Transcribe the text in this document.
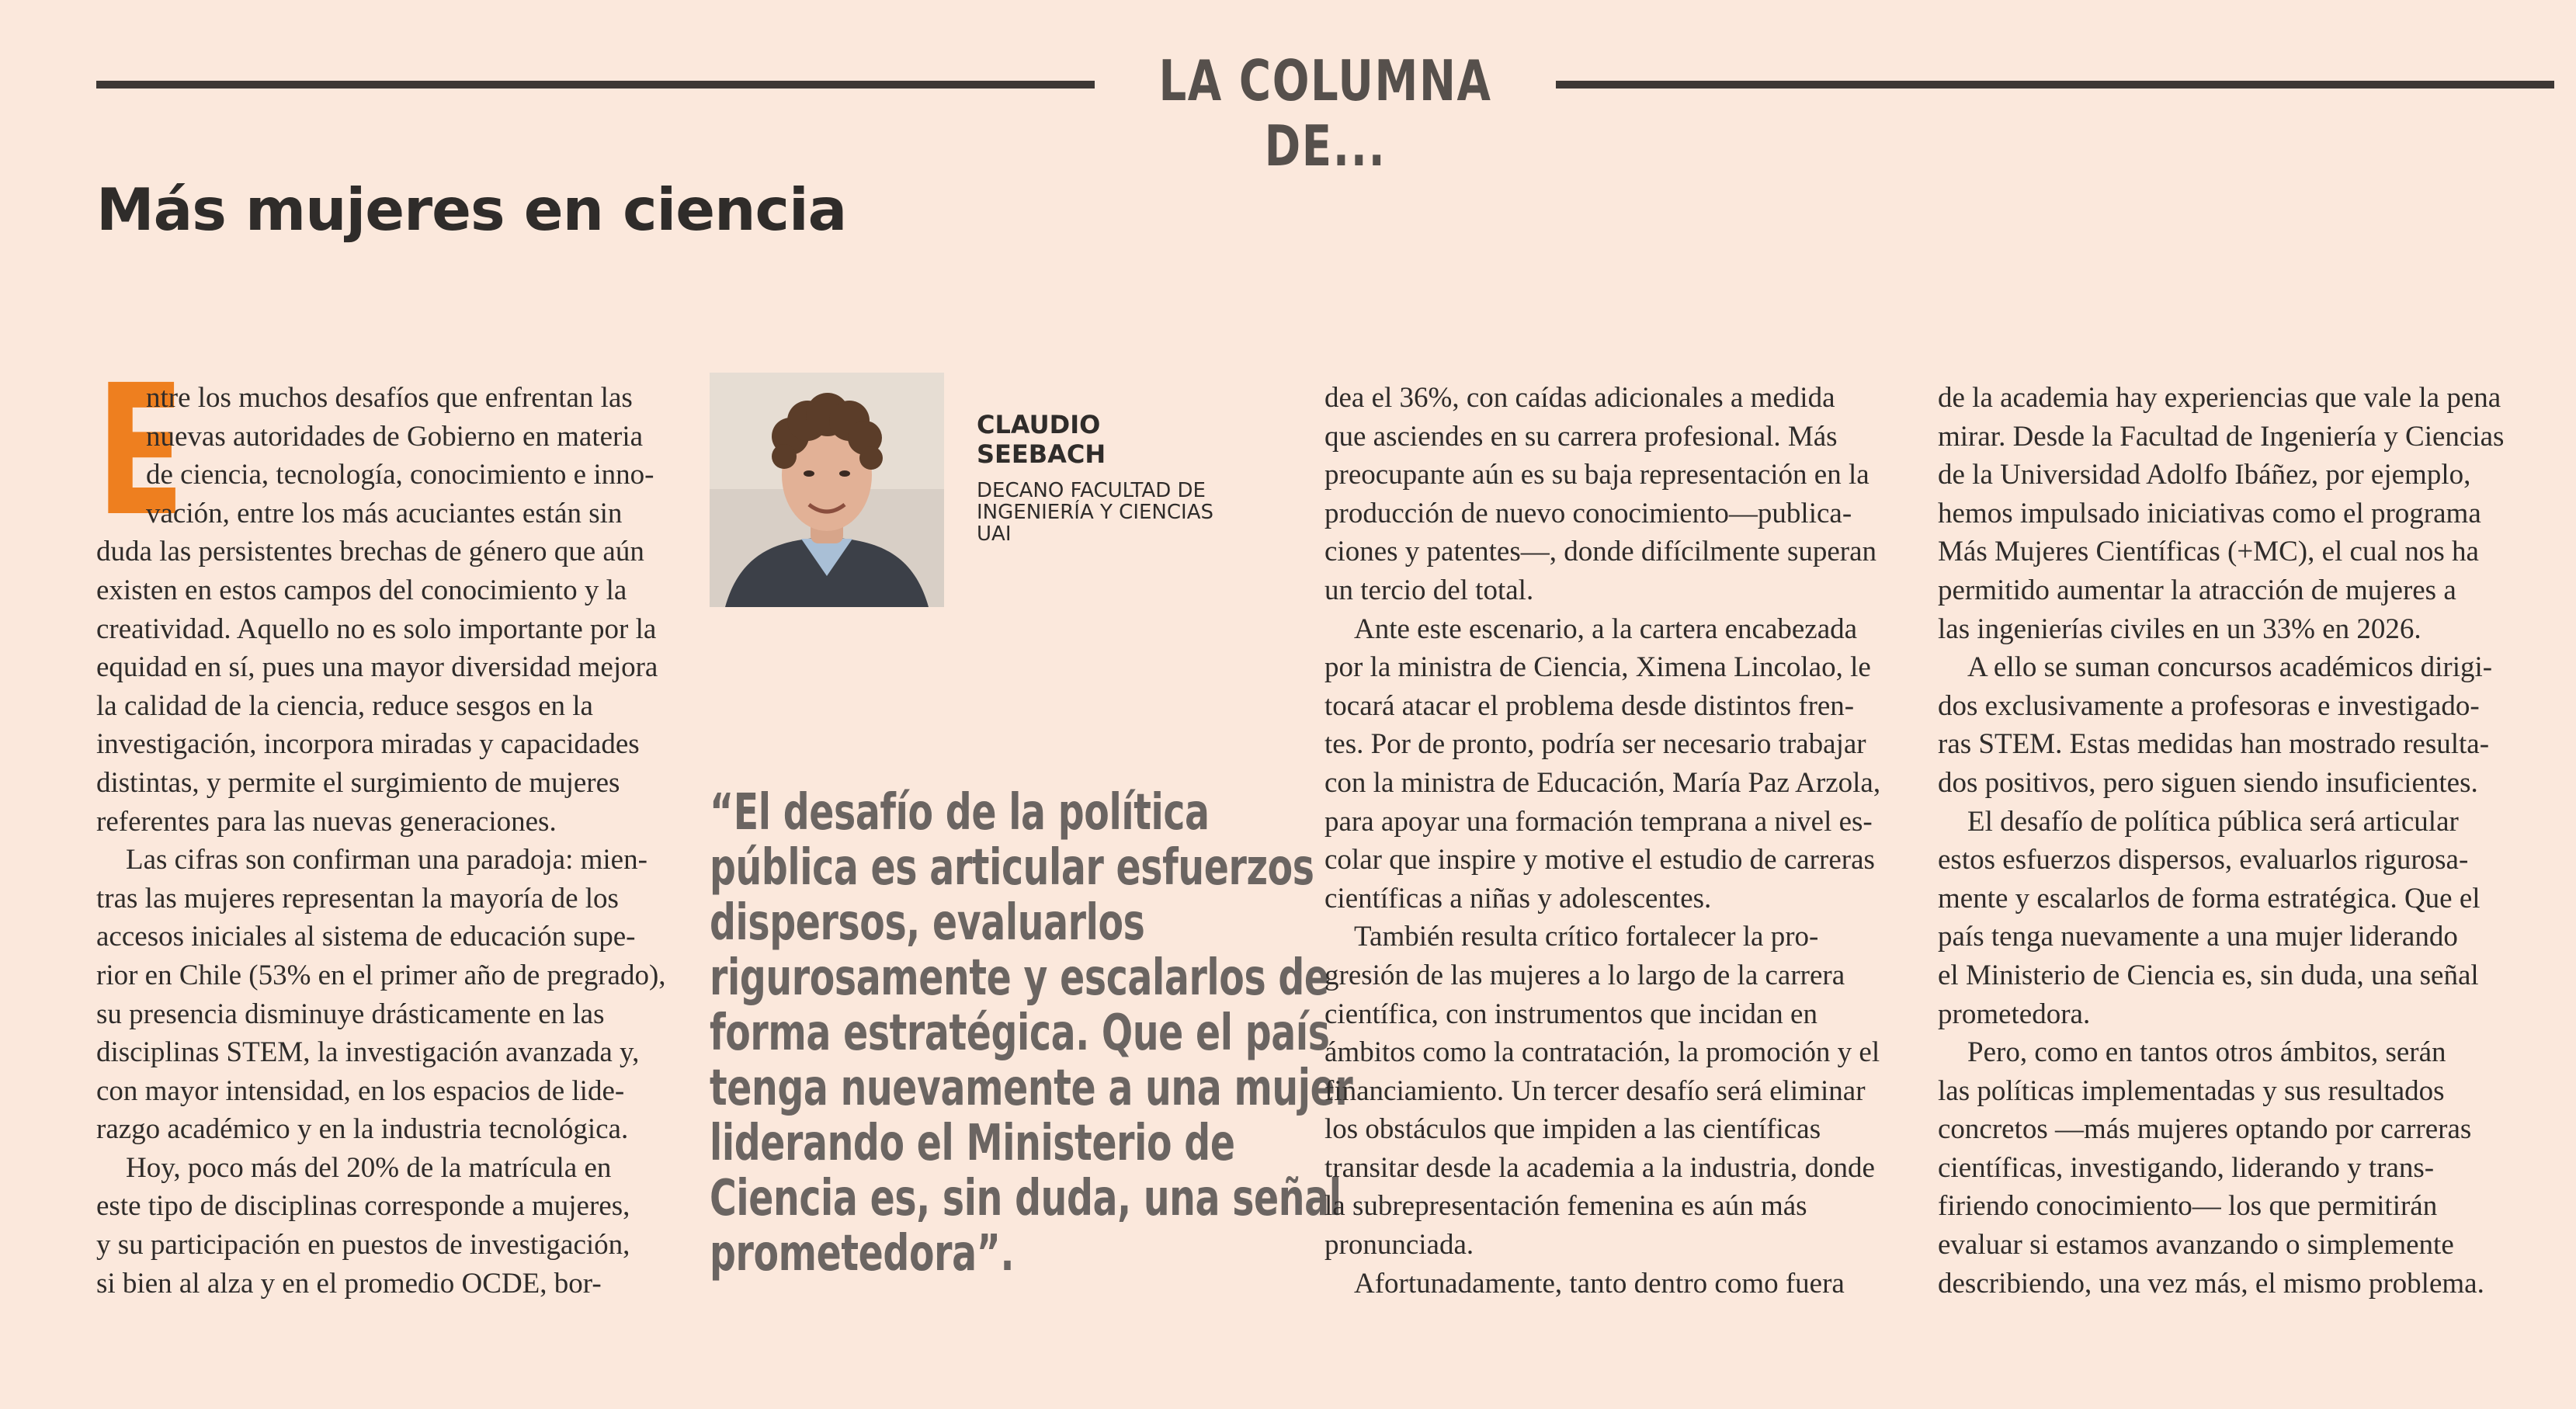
LA COLUMNA DE...
Más mujeres en ciencia
E

ntre los muchos desafíos que enfrentan las
nuevas autoridades de Gobierno en materia
de ciencia, tecnología, conocimiento e inno-
vación, entre los más acuciantes están sin
duda las persistentes brechas de género que aún
existen en estos campos del conocimiento y la
creatividad. Aquello no es solo importante por la
equidad en sí, pues una mayor diversidad mejora
la calidad de la ciencia, reduce sesgos en la
investigación, incorpora miradas y capacidades
distintas, y permite el surgimiento de mujeres
referentes para las nuevas generaciones.

Las cifras son confirman una paradoja: mien-
tras las mujeres representan la mayoría de los
accesos iniciales al sistema de educación supe-
rior en Chile (53% en el primer año de pregrado),
su presencia disminuye drásticamente en las
disciplinas STEM, la investigación avanzada y,
con mayor intensidad, en los espacios de lide-
razgo académico y en la industria tecnológica.

Hoy, poco más del 20% de la matrícula en
este tipo de disciplinas corresponde a mujeres,
y su participación en puestos de investigación,
si bien al alza y en el promedio OCDE, bor-

CLAUDIO
SEEBACH
DECANO FACULTAD DE
INGENIERÍA Y CIENCIAS
UAI
“El desafío de la política
pública es articular esfuerzos
dispersos, evaluarlos
rigurosamente y escalarlos de
forma estratégica. Que el país
tenga nuevamente a una mujer
liderando el Ministerio de
Ciencia es, sin duda, una señal
prometedora”.

dea el 36%, con caídas adicionales a medida
que asciendes en su carrera profesional. Más
preocupante aún es su baja representación en la
producción de nuevo conocimiento—publica-
ciones y patentes—, donde difícilmente superan
un tercio del total.

Ante este escenario, a la cartera encabezada
por la ministra de Ciencia, Ximena Lincolao, le
tocará atacar el problema desde distintos fren-
tes. Por de pronto, podría ser necesario trabajar
con la ministra de Educación, María Paz Arzola,
para apoyar una formación temprana a nivel es-
colar que inspire y motive el estudio de carreras
científicas a niñas y adolescentes.

También resulta crítico fortalecer la pro-
gresión de las mujeres a lo largo de la carrera
científica, con instrumentos que incidan en
ámbitos como la contratación, la promoción y el
financiamiento. Un tercer desafío será eliminar
los obstáculos que impiden a las científicas
transitar desde la academia a la industria, donde
la subrepresentación femenina es aún más
pronunciada.

Afortunadamente, tanto dentro como fuera

de la academia hay experiencias que vale la pena
mirar. Desde la Facultad de Ingeniería y Ciencias
de la Universidad Adolfo Ibáñez, por ejemplo,
hemos impulsado iniciativas como el programa
Más Mujeres Científicas (+MC), el cual nos ha
permitido aumentar la atracción de mujeres a
las ingenierías civiles en un 33% en 2026.

A ello se suman concursos académicos dirigi-
dos exclusivamente a profesoras e investigado-
ras STEM. Estas medidas han mostrado resulta-
dos positivos, pero siguen siendo insuficientes.

El desafío de política pública será articular
estos esfuerzos dispersos, evaluarlos rigurosa-
mente y escalarlos de forma estratégica. Que el
país tenga nuevamente a una mujer liderando
el Ministerio de Ciencia es, sin duda, una señal
prometedora.

Pero, como en tantos otros ámbitos, serán
las políticas implementadas y sus resultados
concretos —más mujeres optando por carreras
científicas, investigando, liderando y trans-
firiendo conocimiento— los que permitirán
evaluar si estamos avanzando o simplemente
describiendo, una vez más, el mismo problema.
